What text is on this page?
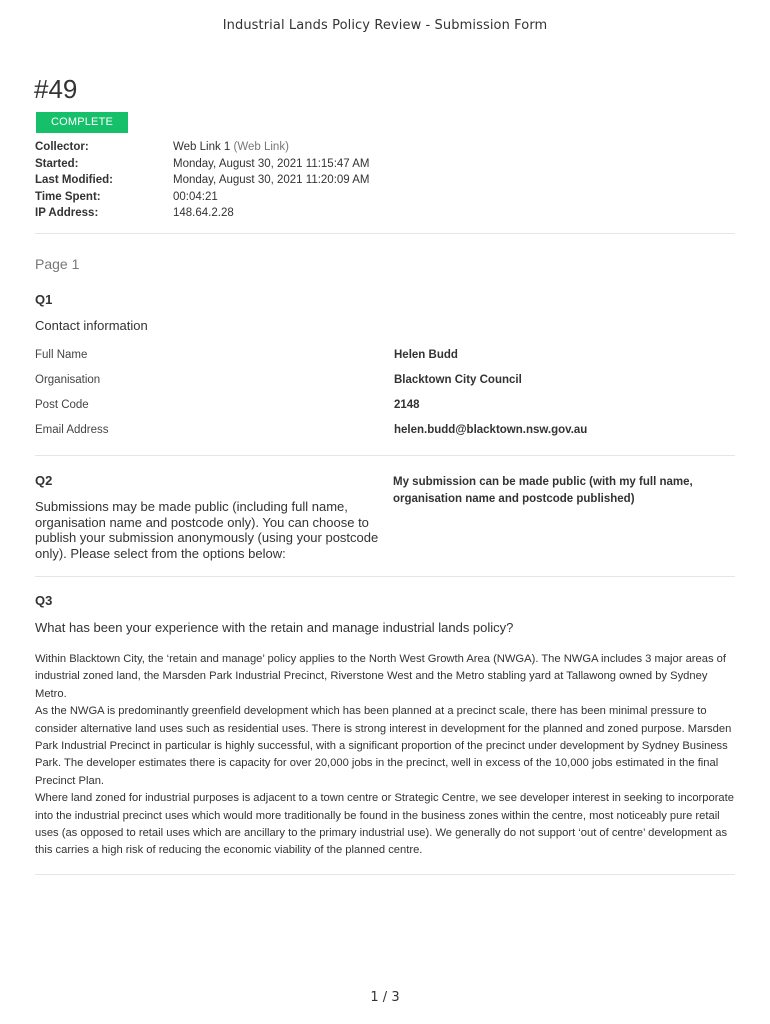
Industrial Lands Policy Review - Submission Form
#49
COMPLETE
Collector:	Web Link 1 (Web Link)
Started:	Monday, August 30, 2021 11:15:47 AM
Last Modified:	Monday, August 30, 2021 11:20:09 AM
Time Spent:	00:04:21
IP Address:	148.64.2.28
Page 1
Q1
Contact information
Full Name	Helen Budd
Organisation	Blacktown City Council
Post Code	2148
Email Address	helen.budd@blacktown.nsw.gov.au
Q2
Submissions may be made public (including full name, organisation name and postcode only). You can choose to publish your submission anonymously (using your postcode only). Please select from the options below:
My submission can be made public (with my full name, organisation name and postcode published)
Q3
What has been your experience with the retain and manage industrial lands policy?

Within Blacktown City, the ‘retain and manage’ policy applies to the North West Growth Area (NWGA). The NWGA includes 3 major areas of industrial zoned land, the Marsden Park Industrial Precinct, Riverstone West and the Metro stabling yard at Tallawong owned by Sydney Metro.

As the NWGA is predominantly greenfield development which has been planned at a precinct scale, there has been minimal pressure to consider alternative land uses such as residential uses. There is strong interest in development for the planned and zoned purpose. Marsden Park Industrial Precinct in particular is highly successful, with a significant proportion of the precinct under development by Sydney Business Park. The developer estimates there is capacity for over 20,000 jobs in the precinct, well in excess of the 10,000 jobs estimated in the final Precinct Plan.

Where land zoned for industrial purposes is adjacent to a town centre or Strategic Centre, we see developer interest in seeking to incorporate into the industrial precinct uses which would more traditionally be found in the business zones within the centre, most noticeably pure retail uses (as opposed to retail uses which are ancillary to the primary industrial use). We generally do not support ‘out of centre’ development as this carries a high risk of reducing the economic viability of the planned centre.

1 / 3
